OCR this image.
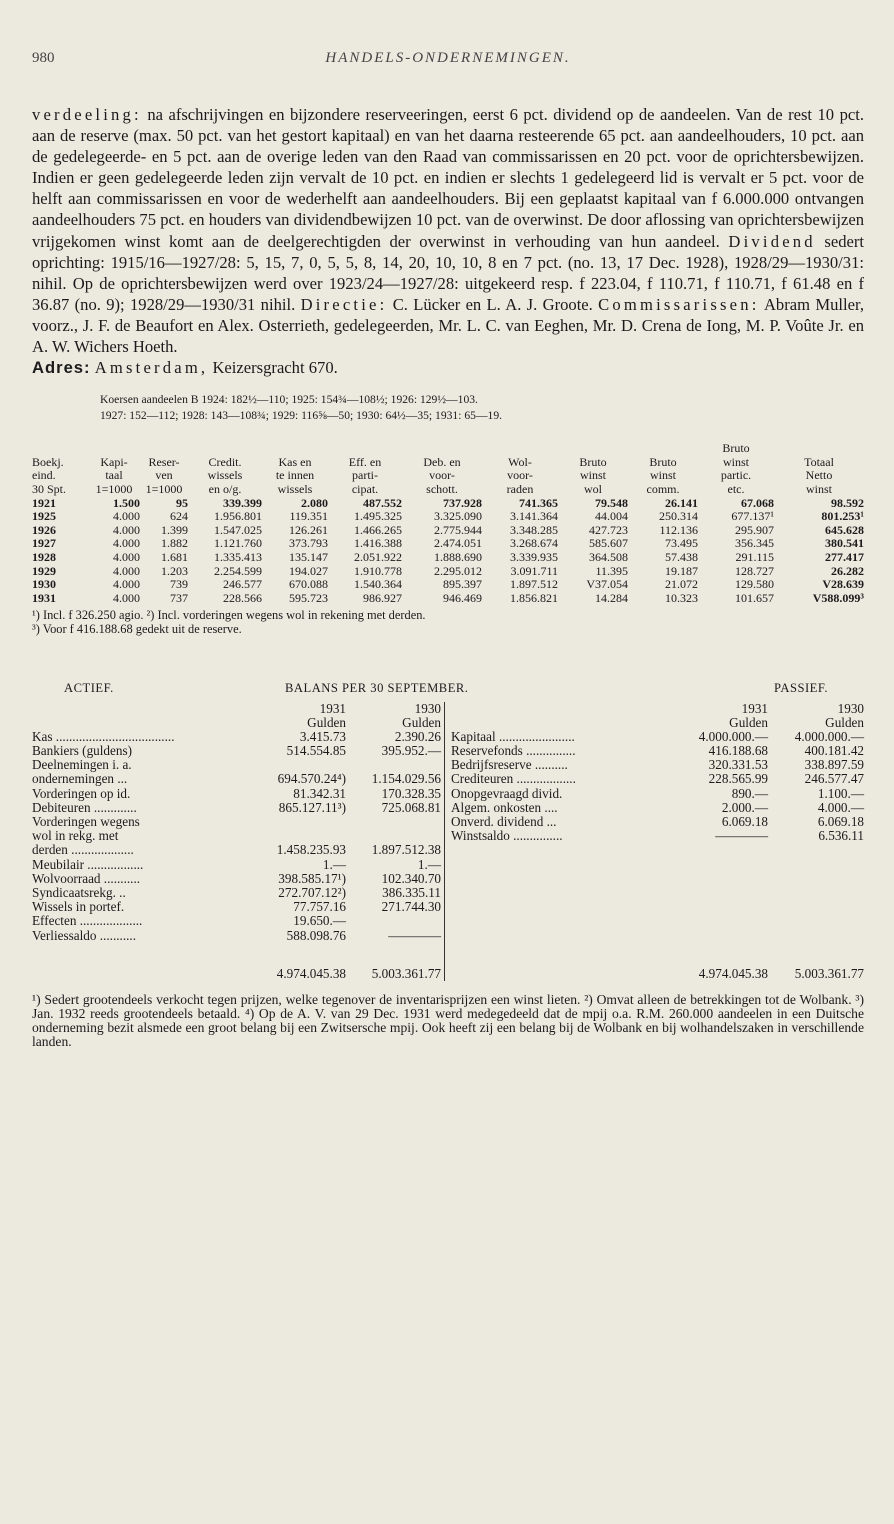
980	HANDELS-ONDERNEMINGEN.
verdeeling: na afschrijvingen en bijzondere reserveeringen, eerst 6 pct. dividend op de aandeelen. Van de rest 10 pct. aan de reserve (max. 50 pct. van het gestort kapitaal) en van het daarna resteerende 65 pct. aan aandeelhouders, 10 pct. aan de gedelegeerde- en 5 pct. aan de overige leden van den Raad van commissarissen en 20 pct. voor de oprichtersbewijzen. Indien er geen gedelegeerde leden zijn vervalt de 10 pct. en indien er slechts 1 gedelegeerd lid is vervalt er 5 pct. voor de helft aan commissarissen en voor de wederhelft aan aandeelhouders. Bij een geplaatst kapitaal van f 6.000.000 ontvangen aandeelhouders 75 pct. en houders van dividendbewijzen 10 pct. van de overwinst. De door aflossing van oprichtersbewijzen vrijgekomen winst komt aan de deelgerechtigden der overwinst in verhouding van hun aandeel. Dividend sedert oprichting: 1915/16—1927/28: 5, 15, 7, 0, 5, 5, 8, 14, 20, 10, 10, 8 en 7 pct. (no. 13, 17 Dec. 1928), 1928/29—1930/31: nihil. Op de oprichtersbewijzen werd over 1923/24—1927/28: uitgekeerd resp. f 223.04, f 110.71, f 110.71, f 61.48 en f 36.87 (no. 9); 1928/29—1930/31 nihil. Directie: C. Lücker en L. A. J. Groote. Commissarissen: Abram Muller, voorz., J. F. de Beaufort en Alex. Osterrieth, gedelegeerden, Mr. L. C. van Eeghen, Mr. D. Crena de Iong, M. P. Voûte Jr. en A. W. Wichers Hoeth.
Adres: Amsterdam, Keizersgracht 670.
Koersen aandeelen B 1924: 182½—110; 1925: 154¾—108½; 1926: 129½—103.
1927: 152—112; 1928: 143—108¾; 1929: 116⅝—50; 1930: 64½—35; 1931: 65—19.
										Bruto	
Boekj.	Kapi-	Reser-	Credit.	Kas en	Eff. en	Deb. en	Wol-	Bruto	Bruto	winst	Totaal
eind.	taal	ven	wissels	te innen	parti-	voor-	voor-	winst	winst	partic.	Netto
30 Spt.	1=1000	1=1000	en o/g.	wissels	cipat.	schott.	raden	wol	comm.	etc.	winst
1921	1.500	95	339.399	2.080	487.552	737.928	741.365	79.548	26.141	67.068	98.592
1925	4.000	624	1.956.801	119.351	1.495.325	3.325.090	3.141.364	44.004	250.314	677.137¹	801.253¹
1926	4.000	1.399	1.547.025	126.261	1.466.265	2.775.944	3.348.285	427.723	112.136	295.907	645.628
1927	4.000	1.882	1.121.760	373.793	1.416.388	2.474.051	3.268.674	585.607	73.495	356.345	380.541
1928	4.000	1.681	1.335.413	135.147	2.051.922	1.888.690	3.339.935	364.508	57.438	291.115	277.417
1929	4.000	1.203	2.254.599	194.027	1.910.778	2.295.012	3.091.711	11.395	19.187	128.727	26.282
1930	4.000	739	246.577	670.088	1.540.364	895.397	1.897.512	V37.054	21.072	129.580	V28.639
1931	4.000	737	228.566	595.723	986.927	946.469	1.856.821	14.284	10.323	101.657	V588.099³
¹) Incl. f 326.250 agio. ²) Incl. vorderingen wegens wol in rekening met derden.
³) Voor f 416.188.68 gedekt uit de reserve.
ACTIEF.	BALANS PER 30 SEPTEMBER.	PASSIEF.
1931	1930
Gulden	Gulden
Kas ....................................	3.415.73	2.390.26
Bankiers (guldens)	514.554.85	395.952.—
Deelnemingen i. a.
ondernemingen ...	694.570.24⁴)	1.154.029.56
Vorderingen op id.	81.342.31	170.328.35
Debiteuren .............	865.127.11³)	725.068.81
Vorderingen wegens
wol in rekg. met
derden ...................	1.458.235.93	1.897.512.38
Meubilair .................	1.—	1.—
Wolvoorraad ...........	398.585.17¹)	102.340.70
Syndicaatsrekg. ..	272.707.12²)	386.335.11
Wissels in portef.	77.757.16	271.744.30
Effecten ...................	19.650.—
Verliessaldo ...........	588.098.76	————
4.974.045.38	5.003.361.77
1931	1930
Gulden	Gulden
Kapitaal .......................	4.000.000.—	4.000.000.—
Reservefonds ...............	416.188.68	400.181.42
Bedrijfsreserve ..........	320.331.53	338.897.59
Crediteuren ..................	228.565.99	246.577.47
Onopgevraagd divid.	890.—	1.100.—
Algem. onkosten ....	2.000.—	4.000.—
Onverd. dividend ...	6.069.18	6.069.18
Winstsaldo ...............	————	6.536.11
4.974.045.38	5.003.361.77
¹) Sedert grootendeels verkocht tegen prijzen, welke tegenover de inventarisprijzen een winst lieten. ²) Omvat alleen de betrekkingen tot de Wolbank. ³) Jan. 1932 reeds grootendeels betaald. ⁴) Op de A. V. van 29 Dec. 1931 werd medegedeeld dat de mpij o.a. R.M. 260.000 aandeelen in een Duitsche onderneming bezit alsmede een groot belang bij een Zwitsersche mpij. Ook heeft zij een belang bij de Wolbank en bij wolhandelszaken in verschillende landen.
